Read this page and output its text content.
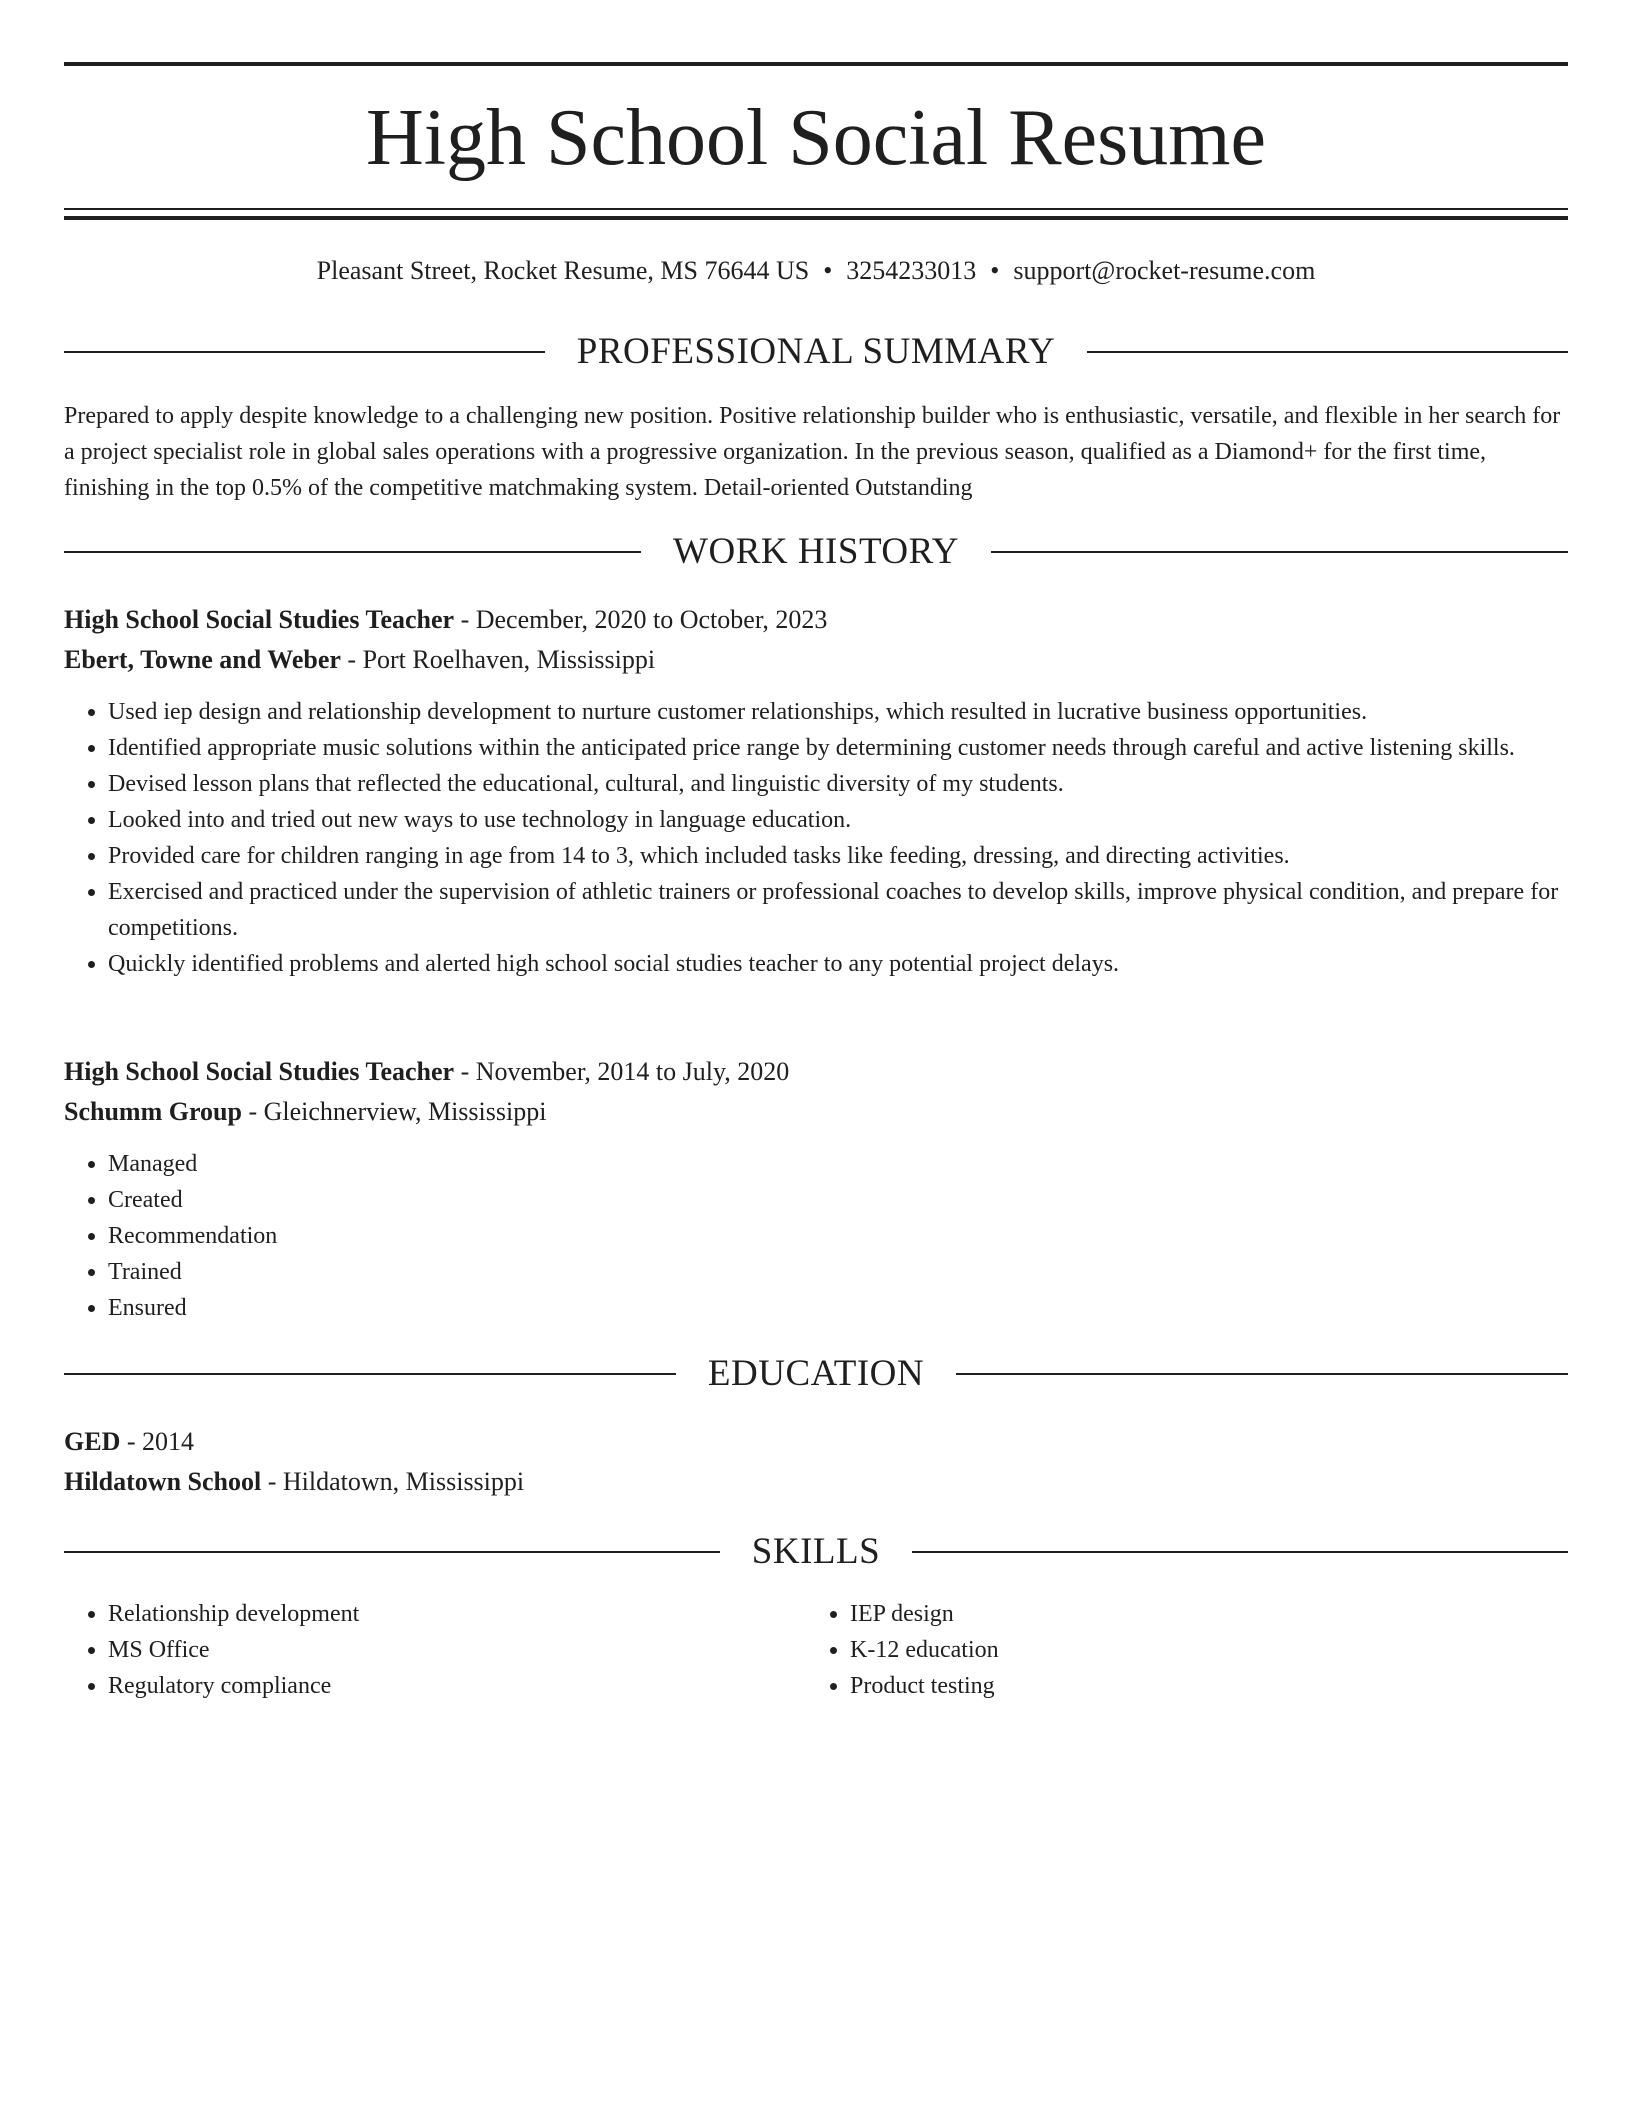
High School Social Resume
Pleasant Street, Rocket Resume, MS 76644 US • 3254233013 • support@rocket-resume.com
PROFESSIONAL SUMMARY

Prepared to apply despite knowledge to a challenging new position. Positive relationship builder who is enthusiastic, versatile, and flexible in her search for a project specialist role in global sales operations with a progressive organization. In the previous season, qualified as a Diamond+ for the first time, finishing in the top 0.5% of the competitive matchmaking system. Detail-oriented Outstanding

WORK HISTORY
High School Social Studies Teacher - December, 2020 to October, 2023
Ebert, Towne and Weber - Port Roelhaven, Mississippi
• Used iep design and relationship development to nurture customer relationships, which resulted in lucrative business opportunities.
• Identified appropriate music solutions within the anticipated price range by determining customer needs through careful and active listening skills.
• Devised lesson plans that reflected the educational, cultural, and linguistic diversity of my students.
• Looked into and tried out new ways to use technology in language education.
• Provided care for children ranging in age from 14 to 3, which included tasks like feeding, dressing, and directing activities.
• Exercised and practiced under the supervision of athletic trainers or professional coaches to develop skills, improve physical condition, and prepare for competitions.
• Quickly identified problems and alerted high school social studies teacher to any potential project delays.
High School Social Studies Teacher - November, 2014 to July, 2020
Schumm Group - Gleichnerview, Mississippi
• Managed
• Created
• Recommendation
• Trained
• Ensured
EDUCATION
GED - 2014
Hildatown School - Hildatown, Mississippi
SKILLS
• Relationship development
• MS Office
• Regulatory compliance
• IEP design
• K-12 education
• Product testing
